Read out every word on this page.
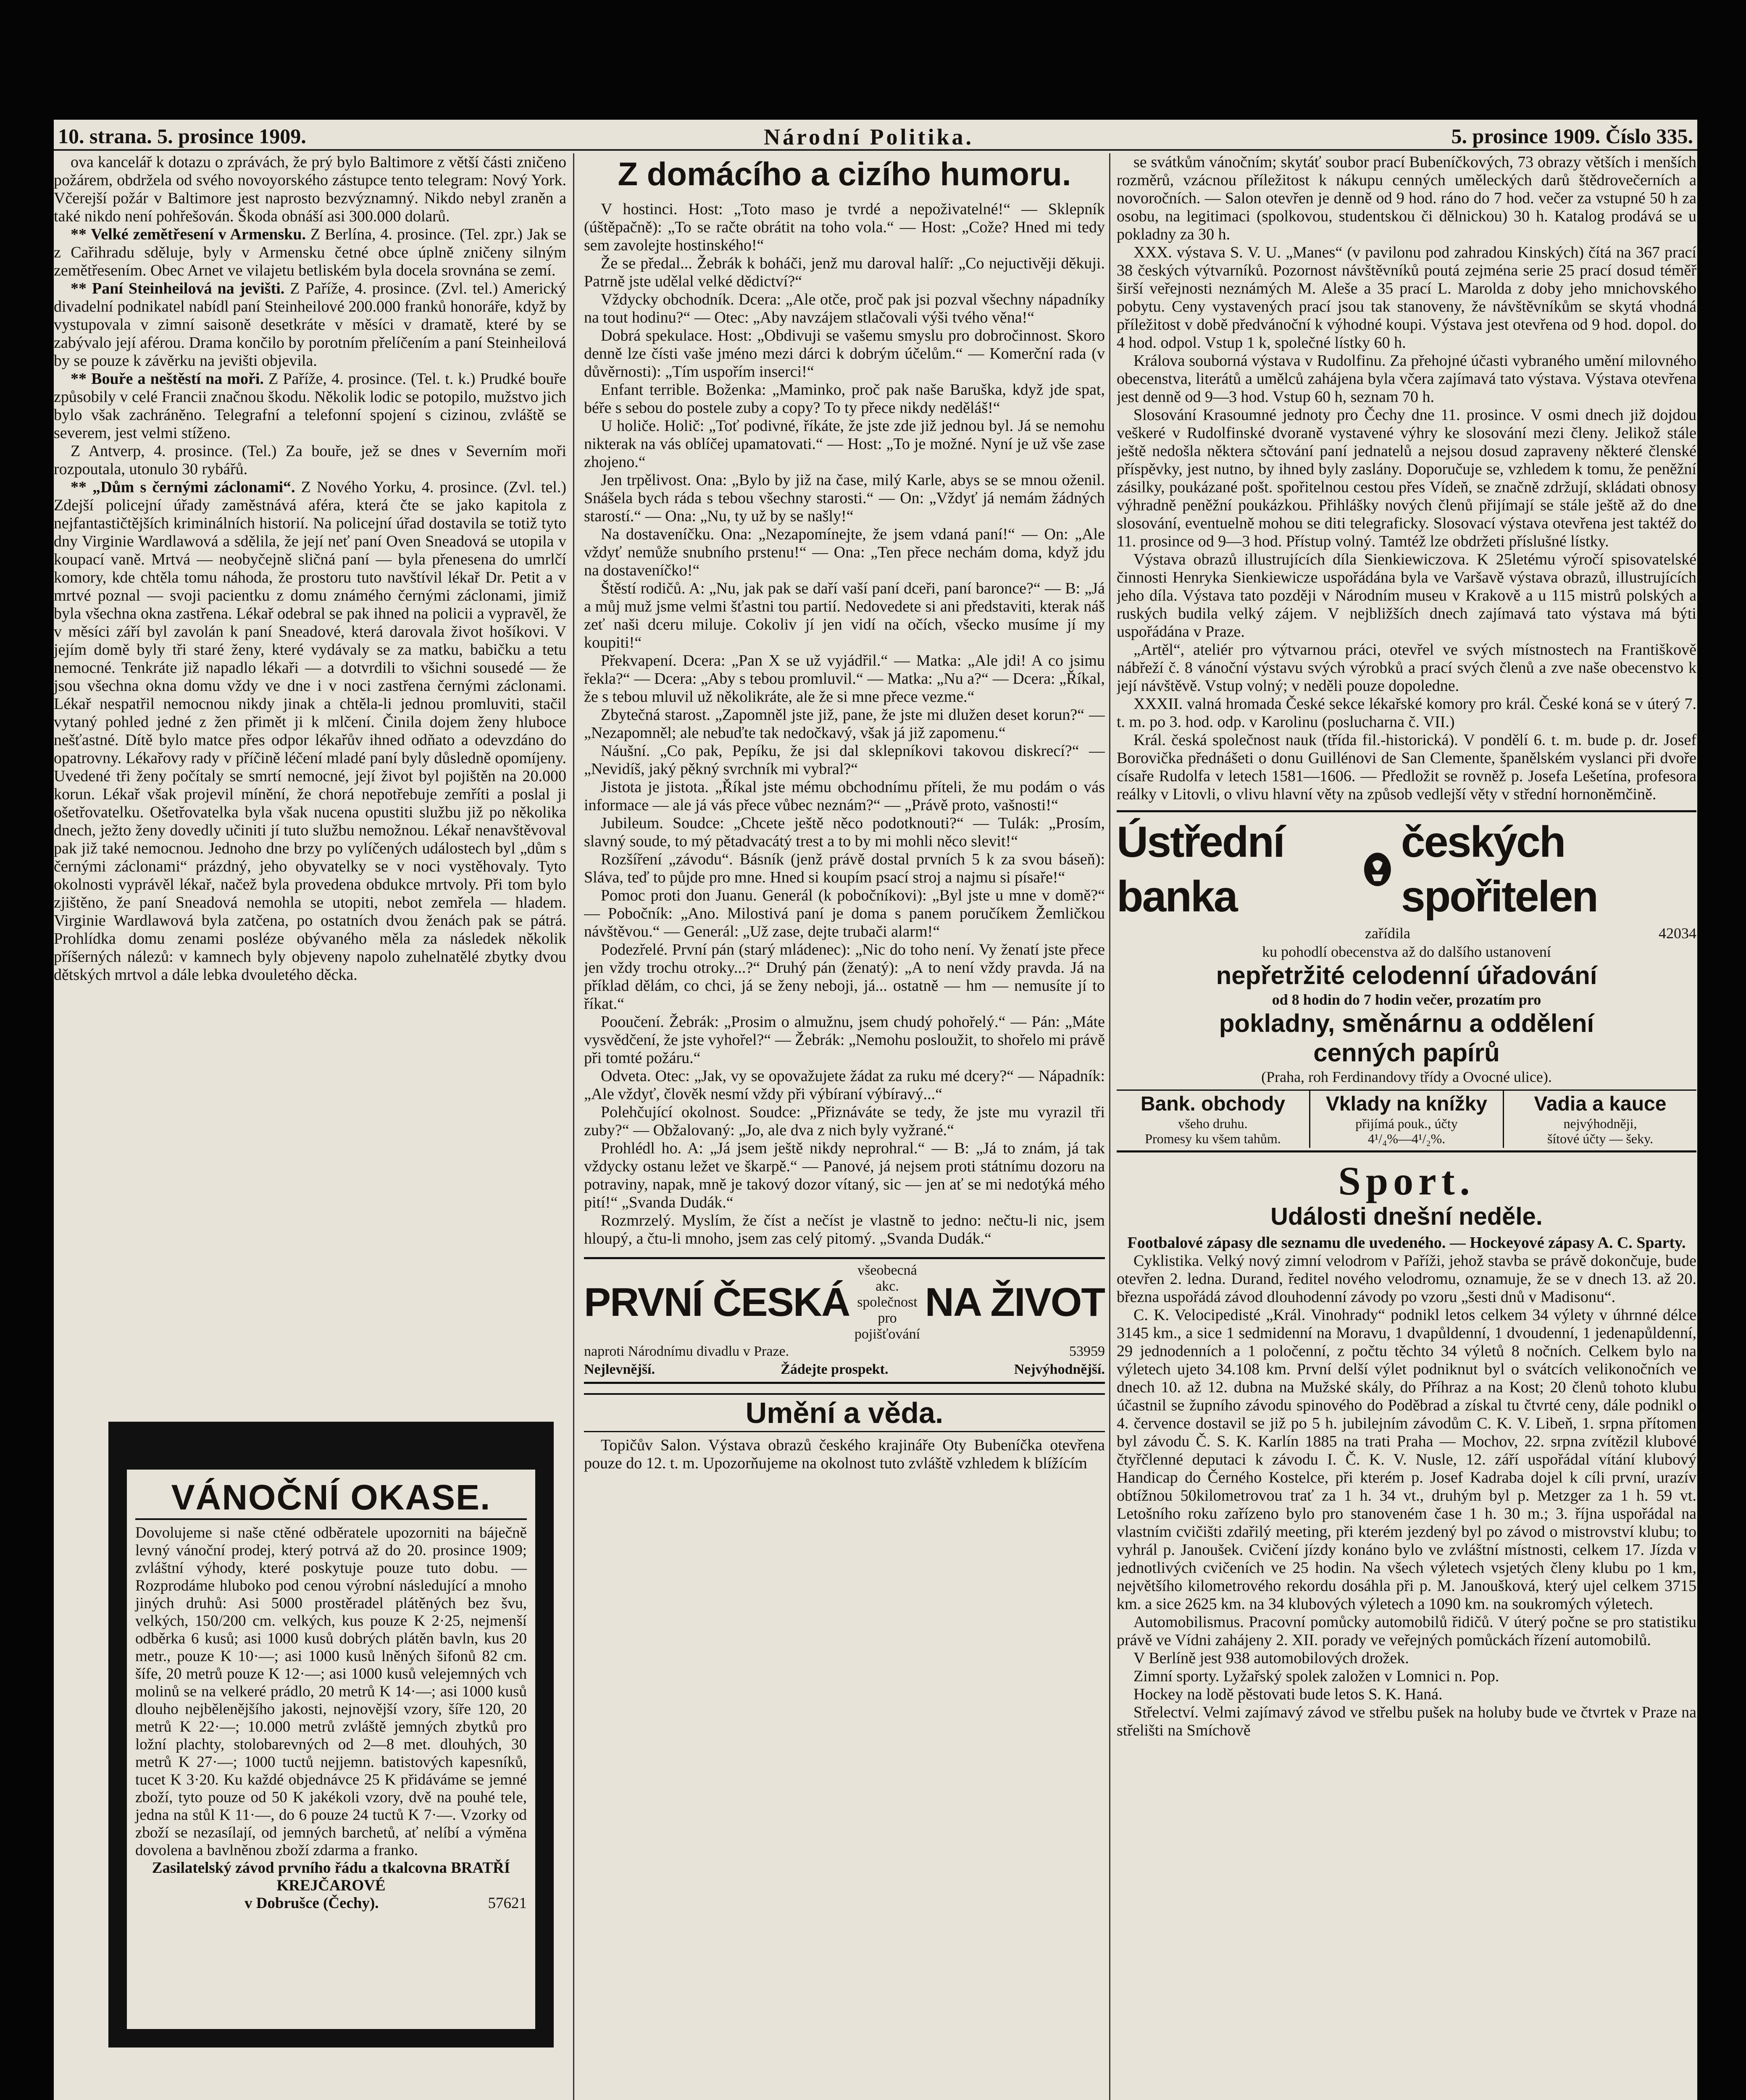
10. strana. 5. prosince 1909.	Národní Politika.	5. prosince 1909. Číslo 335.

ova kancelář k dotazu o zprávách, že prý bylo Baltimore z větší části zničeno požárem, obdržela od svého novoyorského zástupce tento telegram: Nový York. Včerejší požár v Baltimore jest naprosto bezvýznamný. Nikdo nebyl zraněn a také nikdo není pohřešován. Škoda obnáší asi 300.000 dolarů.

** Velké zemětřesení v Armensku. Z Berlína, 4. prosince. (Tel. zpr.) Jak se z Cařihradu sděluje, byly v Armensku četné obce úplně zničeny silným zemětřesením. Obec Arnet ve vilajetu betliském byla docela srovnána se zemí.

** Paní Steinheilová na jevišti. Z Paříže, 4. prosince. (Zvl. tel.) Americký divadelní podnikatel nabídl paní Steinheilové 200.000 franků honoráře, když by vystupovala v zimní saisoně desetkráte v měsíci v dramatě, které by se zabývalo její aférou. Drama končilo by porotním přelíčením a paní Steinheilová by se pouze k závěrku na jevišti objevila.

** Bouře a neštěstí na moři. Z Paříže, 4. prosince. (Tel. t. k.) Prudké bouře způsobily v celé Francii značnou škodu. Několik lodic se potopilo, mužstvo jich bylo však zachráněno. Telegrafní a telefonní spojení s cizinou, zvláště se severem, jest velmi stíženo.

Z Antverp, 4. prosince. (Tel.) Za bouře, jež se dnes v Severním moři rozpoutala, utonulo 30 rybářů.

** „Dům s černými záclonami“. Z Nového Yorku, 4. prosince. (Zvl. tel.) Zdejší policejní úřady zaměstnává aféra, která čte se jako kapitola z nejfantastičtějších kriminálních historií. Na policejní úřad dostavila se totiž tyto dny Virginie Wardlawová a sdělila, že její neť paní Oven Sneadová se utopila v koupací vaně. Mrtvá — neobyčejně sličná paní — byla přenesena do umrlčí komory, kde chtěla tomu náhoda, že prostoru tuto navštívil lékař Dr. Petit a v mrtvé poznal — svoji pacientku z domu známého černými záclonami, jimiž byla všechna okna zastřena. Lékař odebral se pak ihned na policii a vypravěl, že v měsíci září byl zavolán k paní Sneadové, která darovala život hošíkovi. V jejím domě byly tři staré ženy, které vydávaly se za matku, babičku a tetu nemocné. Tenkráte již napadlo lékaři — a dotvrdili to všichni sousedé — že jsou všechna okna domu vždy ve dne i v noci zastřena černými záclonami. Lékař nespatřil nemocnou nikdy jinak a chtěla-li jednou promluviti, stačil vytaný pohled jedné z žen přimět ji k mlčení. Činila dojem ženy hluboce nešťastné. Dítě bylo matce přes odpor lékařův ihned odňato a odevzdáno do opatrovny. Lékařovy rady v příčině léčení mladé paní byly důsledně opomíjeny. Uvedené tři ženy počítaly se smrtí nemocné, její život byl pojištěn na 20.000 korun. Lékař však projevil mínění, že chorá nepotřebuje zemříti a poslal ji ošetřovatelku. Ošetřovatelka byla však nucena opustiti službu již po několika dnech, ježto ženy dovedly učiniti jí tuto službu nemožnou. Lékař nenavštěvoval pak již také nemocnou. Jednoho dne brzy po vylíčených událostech byl „dům s černými záclonami“ prázdný, jeho obyvatelky se v noci vystěhovaly. Tyto okolnosti vyprávěl lékař, načež byla provedena obdukce mrtvoly. Při tom bylo zjištěno, že paní Sneadová nemohla se utopiti, nebot zemřela — hladem. Virginie Wardlawová byla zatčena, po ostatních dvou ženách pak se pátrá. Prohlídka domu zenami posléze obývaného měla za následek několik příšerných nálezů: v kamnech byly objeveny napolo zuhelnatělé zbytky dvou dětských mrtvol a dále lebka dvouletého děcka.

VÁNOČNÍ OKASE.
Dovolujeme si naše ctěné odběratele upozorniti na báječně levný vánoční prodej, který potrvá až do 20. prosince 1909; zvláštní výhody, které poskytuje pouze tuto dobu. — Rozprodáme hluboko pod cenou výrobní následující a mnoho jiných druhů: Asi 5000 prostěradel plátěných bez švu, velkých, 150/200 cm. velkých, kus pouze K 2·25, nejmenší odběrka 6 kusů; asi 1000 kusů dobrých plátěn bavln, kus 20 metr., pouze K 10·—; asi 1000 kusů lněných šifonů 82 cm. šífe, 20 metrů pouze K 12·—; asi 1000 kusů velejemných vch molinů se na velkeré prádlo, 20 metrů K 14·—; asi 1000 kusů dlouho nejbělenějšího jakosti, nejnovější vzory, šíře 120, 20 metrů K 22·—; 10.000 metrů zvláště jemných zbytků pro ložní plachty, stolobarevných od 2—8 met. dlouhých, 30 metrů K 27·—; 1000 tuctů nejjemn. batistových kapesníků, tucet K 3·20. Ku každé objednávce 25 K přidáváme se jemné zboží, tyto pouze od 50 K jakékoli vzory, dvě na pouhé tele, jedna na stůl K 11·—, do 6 pouze 24 tuctů K 7·—. Vzorky od zboží se nezasílají, od jemných barchetů, ať nelíbí a výměna dovolena a bavlněnou zboží zdarma a franko.
Zasilatelský závod prvního řádu a tkalcovna BRATŘÍ KREJČAROVÉ
v Dobrušce (Čechy).	57621
Z domácího a cizího humoru.

V hostinci. Host: „Toto maso je tvrdé a nepoživatelné!“ — Sklepník (úštěpačně): „To se račte obrátit na toho vola.“ — Host: „Cože? Hned mi tedy sem zavolejte hostinského!“

Že se předal... Žebrák k boháči, jenž mu daroval halíř: „Co nejuctivěji děkuji. Patrně jste udělal velké dědictví?“

Vždycky obchodník. Dcera: „Ale otče, proč pak jsi pozval všechny nápadníky na tout hodinu?“ — Otec: „Aby navzájem stlačovali výši tvého věna!“

Dobrá spekulace. Host: „Obdivuji se vašemu smyslu pro dobročinnost. Skoro denně lze čísti vaše jméno mezi dárci k dobrým účelům.“ — Komerční rada (v důvěrnosti): „Tím uspořím inserci!“

Enfant terrible. Boženka: „Maminko, proč pak naše Baruška, když jde spat, béře s sebou do postele zuby a copy? To ty přece nikdy neděláš!“

U holiče. Holič: „Toť podivné, říkáte, že jste zde již jednou byl. Já se nemohu nikterak na vás oblíčej upamatovati.“ — Host: „To je možné. Nyní je už vše zase zhojeno.“

Jen trpělivost. Ona: „Bylo by již na čase, milý Karle, abys se se mnou oženil. Snášela bych ráda s tebou všechny starosti.“ — On: „Vždyť já nemám žádných starostí.“ — Ona: „Nu, ty už by se našly!“

Na dostaveníčku. Ona: „Nezapomínejte, že jsem vdaná paní!“ — On: „Ale vždyť nemůže snubního prstenu!“ — Ona: „Ten přece nechám doma, když jdu na dostaveníčko!“

Štěstí rodičů. A: „Nu, jak pak se daří vaší paní dceři, paní baronce?“ — B: „Já a můj muž jsme velmi šťastni tou partií. Nedovedete si ani představiti, kterak náš zeť naši dceru miluje. Cokoliv jí jen vidí na očích, všecko musíme jí my koupiti!“

Překvapení. Dcera: „Pan X se už vyjádřil.“ — Matka: „Ale jdi! A co jsimu řekla?“ — Dcera: „Aby s tebou promluvil.“ — Matka: „Nu a?“ — Dcera: „Říkal, že s tebou mluvil už několikráte, ale že si mne přece vezme.“

Zbytečná starost. „Zapomněl jste již, pane, že jste mi dlužen deset korun?“ — „Nezapomněl; ale nebuďte tak nedočkavý, však já již zapomenu.“

Náušní. „Co pak, Pepíku, že jsi dal sklepníkovi takovou diskrecí?“ — „Nevidíš, jaký pěkný svrchník mi vybral?“

Jistota je jistota. „Říkal jste mému obchodnímu příteli, že mu podám o vás informace — ale já vás přece vůbec neznám?“ — „Právě proto, vašnosti!“

Jubileum. Soudce: „Chcete ještě něco podotknouti?“ — Tulák: „Prosím, slavný soude, to mý pětadvacátý trest a to by mi mohli něco slevit!“

Rozšíření „závodu“. Básník (jenž právě dostal prvních 5 k za svou báseň): Sláva, teď to půjde pro mne. Hned si koupím psací stroj a najmu si písaře!“

Pomoc proti don Juanu. Generál (k pobočníkovi): „Byl jste u mne v domě?“ — Pobočník: „Ano. Milostivá paní je doma s panem poručíkem Žemličkou návštěvou.“ — Generál: „Už zase, dejte trubači alarm!“

Podezřelé. První pán (starý mládenec): „Nic do toho není. Vy ženatí jste přece jen vždy trochu otroky...?“ Druhý pán (ženatý): „A to není vždy pravda. Já na příklad dělám, co chci, já se ženy neboji, já... ostatně — hm — nemusíte jí to říkat.“

Pooučení. Žebrák: „Prosim o almužnu, jsem chudý pohořelý.“ — Pán: „Máte vysvědčení, že jste vyhořel?“ — Žebrák: „Nemohu posloužit, to shořelo mi právě při tomté požáru.“

Odveta. Otec: „Jak, vy se opovažujete žádat za ruku mé dcery?“ — Nápadník: „Ale vždyť, člověk nesmí vždy při výbíraní výbíravý...“

Polehčující okolnost. Soudce: „Přiznáváte se tedy, že jste mu vyrazil tři zuby?“ — Obžalovaný: „Jo, ale dva z nich byly vyžrané.“

Prohlédl ho. A: „Já jsem ještě nikdy neprohral.“ — B: „Já to znám, já tak vždycky ostanu ležet ve škarpě.“ — Panové, já nejsem proti státnímu dozoru na potraviny, napak, mně je takový dozor vítaný, sic — jen ať se mi nedotýká mého pití!“ „Svanda Dudák.“

Rozmrzelý. Myslím, že číst a nečíst je vlastně to jedno: nečtu-li nic, jsem hloupý, a čtu-li mnoho, jsem zas celý pitomý. „Svanda Dudák.“

PRVNÍ ČESKÁ
všeobecná akc.
společnost
pro
pojišťování
NA ŽIVOT
naproti Národnímu divadlu v Praze.	53959
Nejlevnější.	Žádejte prospekt.	Nejvýhodnější.
Umění a věda.

Topičův Salon. Výstava obrazů českého krajináře Oty Bubeníčka otevřena pouze do 12. t. m. Upozorňujeme na okolnost tuto zvláště vzhledem k blížícím

se svátkům vánočním; skytáť soubor prací Bubeníčkových, 73 obrazy větších i menších rozměrů, vzácnou příležitost k nákupu cenných uměleckých darů štědrovečerních a novoročních. — Salon otevřen je denně od 9 hod. ráno do 7 hod. večer za vstupné 50 h za osobu, na legitimaci (spolkovou, studentskou či dělnickou) 30 h. Katalog prodává se u pokladny za 30 h.

XXX. výstava S. V. U. „Manes“ (v pavilonu pod zahradou Kinských) čítá na 367 prací 38 českých výtvarníků. Pozornost návštěvníků poutá zejména serie 25 prací dosud téměř širší veřejnosti neznámých M. Aleše a 35 prací L. Marolda z doby jeho mnichovského pobytu. Ceny vystavených prací jsou tak stanoveny, že návštěvníkům se skytá vhodná příležitost v době předvánoční k výhodné koupi. Výstava jest otevřena od 9 hod. dopol. do 4 hod. odpol. Vstup 1 k, společné lístky 60 h.

Králova souborná výstava v Rudolfinu. Za přehojné účasti vybraného umění milovného obecenstva, literátů a umělců zahájena byla včera zajímavá tato výstava. Výstava otevřena jest denně od 9—3 hod. Vstup 60 h, seznam 70 h.

Slosování Krasoumné jednoty pro Čechy dne 11. prosince. V osmi dnech již dojdou veškeré v Rudolfinské dvoraně vystavené výhry ke slosování mezi členy. Jelikož stále ještě nedošla některa sčtování paní jednatelů a nejsou dosud zapraveny některé členské příspěvky, jest nutno, by ihned byly zaslány. Doporučuje se, vzhledem k tomu, že peněžní zásilky, poukázané pošt. spořitelnou cestou přes Vídeň, se značně zdržují, skládati obnosy výhradně peněžní poukázkou. Přihlášky nových členů přijímají se stále ještě až do dne slosování, eventuelně mohou se diti telegraficky. Slosovací výstava otevřena jest taktéž do 11. prosince od 9—3 hod. Přístup volný. Tamtéž lze obdržeti příslušné lístky.

Výstava obrazů illustrujících díla Sienkiewiczova. K 25letému výročí spisovatelské činnosti Henryka Sienkiewicze uspořádána byla ve Varšavě výstava obrazů, illustrujících jeho díla. Výstava tato později v Národním museu v Krakově a u 115 mistrů polských a ruských budila velký zájem. V nejbližších dnech zajímavá tato výstava má býti uspořádána v Praze.

„Artěl“, ateliér pro výtvarnou práci, otevřel ve svých místnostech na Františkově nábřeží č. 8 vánoční výstavu svých výrobků a prací svých členů a zve naše obecenstvo k její návštěvě. Vstup volný; v neděli pouze dopoledne.

XXXII. valná hromada České sekce lékařské komory pro král. České koná se v úterý 7. t. m. po 3. hod. odp. v Karolinu (poslucharna č. VII.)

Král. česká společnost nauk (třída fil.-historická). V pondělí 6. t. m. bude p. dr. Josef Borovička přednášeti o donu Guillénovi de San Clemente, španělském vyslanci při dvoře císaře Rudolfa v letech 1581—1606. — Předložit se rovněž p. Josefa Lešetína, profesora reálky v Litovli, o vlivu hlavní věty na způsob vedlejší věty v střední hornoněmčině.

Ústřední banka
českých spořitelen
zařídila	42034
ku pohodlí obecenstva až do dalšího ustanovení
nepřetržité celodenní úřadování
od 8 hodin do 7 hodin večer, prozatím pro
pokladny, směnárnu a oddělení
cenných papírů
(Praha, roh Ferdinandovy třídy a Ovocné ulice).
Bank. obchody
všeho druhu.
Promesy ku všem tahům.
Vklady na knížky
přijímá pouk., účty
4¹/₄%—4¹/₂%.
Vadia a kauce
nejvýhodněji,
šítové účty — šeky.
Sport.
Události dnešní neděle.
Footbalové zápasy dle seznamu dle uvedeného. — Hockeyové zápasy A. C. Sparty.

Cyklistika. Velký nový zimní velodrom v Paříži, jehož stavba se právě dokončuje, bude otevřen 2. ledna. Durand, ředitel nového velodromu, oznamuje, že se v dnech 13. až 20. března uspořádá závod dlouhodenní závody po vzoru „šesti dnů v Madisonu“.

C. K. Velocipedisté „Král. Vinohrady“ podnikl letos celkem 34 výlety v úhrnné délce 3145 km., a sice 1 sedmidenní na Moravu, 1 dvapůldenní, 1 dvoudenní, 1 jedenapůldenní, 29 jednodenních a 1 poločenní, z počtu těchto 34 výletů 8 nočních. Celkem bylo na výletech ujeto 34.108 km. První delší výlet podniknut byl o svátcích velikonočních ve dnech 10. až 12. dubna na Mužské skály, do Příhraz a na Kost; 20 členů tohoto klubu účastnil se župního závodu spinového do Poděbrad a získal tu čtvrté ceny, dále podnikl o 4. července dostavil se již po 5 h. jubilejním závodům C. K. V. Libeň, 1. srpna přítomen byl závodu Č. S. K. Karlín 1885 na trati Praha — Mochov, 22. srpna zvítězil klubové čtyřčlenné deputaci k závodu I. Č. K. V. Nusle, 12. září uspořádal vítání klubový Handicap do Černého Kostelce, při kterém p. Josef Kadraba dojel k cíli první, urazív obtížnou 50kilometrovou trať za 1 h. 34 vt., druhým byl p. Metzger za 1 h. 59 vt. Letošního roku zařízeno bylo pro stanoveném čase 1 h. 30 m.; 3. října uspořádal na vlastním cvičišti zdařilý meeting, při kterém jezdený byl po závod o mistrovství klubu; to vyhrál p. Janoušek. Cvičení jízdy konáno bylo ve zvláštní místnosti, celkem 17. Jízda v jednotlivých cvičeních ve 25 hodin. Na všech výletech vsjetých členy klubu po 1 km, největšího kilometrového rekordu dosáhla při p. M. Janoušková, který ujel celkem 3715 km. a sice 2625 km. na 34 klubových výletech a 1090 km. na soukromých výletech.

Automobilismus. Pracovní pomůcky automobilů řidičů. V úterý počne se pro statistiku právě ve Vídni zahájeny 2. XII. porady ve veřejných pomůckách řízení automobilů.

V Berlíně jest 938 automobilových drožek.

Zimní sporty. Lyžařský spolek založen v Lomnici n. Pop.

Hockey na lodě pěstovati bude letos S. K. Haná.

Střelectví. Velmi zajímavý závod ve střelbu pušek na holuby bude ve čtvrtek v Praze na střelišti na Smíchově
